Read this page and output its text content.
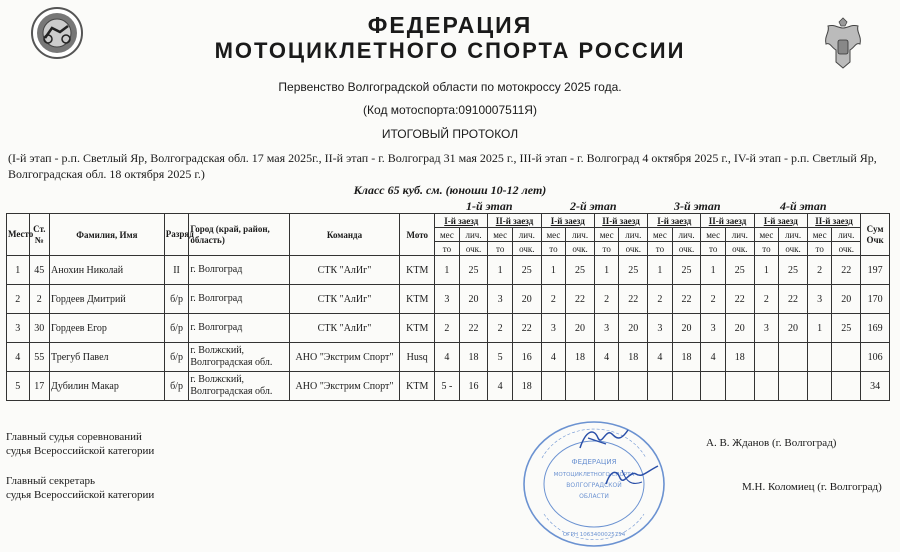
ФЕДЕРАЦИЯ
МОТОЦИКЛЕТНОГО СПОРТА РОССИИ
Первенство Волгоградской области по мотокроссу 2025 года.
(Код мотоспорта:0910007511Я)
ИТОГОВЫЙ ПРОТОКОЛ
(I-й этап - р.п. Светлый Яр, Волгоградская обл. 17 мая 2025г., II-й этап - г. Волгоград 31 мая 2025 г., III-й этап - г. Волгоград 4 октября 2025 г., IV-й этап - р.п. Светлый Яр, Волгоградская обл. 18 октября 2025 г.)
Класс 65 куб. см. (юноши 10-12 лет)
1-й этап	2-й этап	3-й этап	4-й этап
Место	Ст. №	Фамилия, Имя	Разряд	Город (край, район, область)	Команда	Мото	I-й заезд		II-й заезд		I-й заезд		II-й заезд		I-й заезд		II-й заезд		I-й заезд		II-й заезд		Сум Очк
							мес	лич.	мес	лич.	мес	лич.	мес	лич.	мес	лич.	мес	лич.	мес	лич.	мес	лич.	
							то	очк.	то	очк.	то	очк.	то	очк.	то	очк.	то	очк.	то	очк.	то	очк.	
1	45	Анохин Николай	II	г. Волгоград	СТК "АлИг"	KTM	1	25	1	25	1	25	1	25	1	25	1	25	1	25	2	22	197
2	2	Гордеев Дмитрий	б/р	г. Волгоград	СТК "АлИг"	KTM	3	20	3	20	2	22	2	22	2	22	2	22	2	22	3	20	170
3	30	Гордеев Егор	б/р	г. Волгоград	СТК "АлИг"	KTM	2	22	2	22	3	20	3	20	3	20	3	20	3	20	1	25	169
4	55	Трегуб Павел	б/р	г. Волжский, Волгоградская обл.	АНО "Экстрим Спорт"	Husq	4	18	5	16	4	18	4	18	4	18	4	18					106
5	17	Дубилин Макар	б/р	г. Волжский, Волгоградская обл.	АНО "Экстрим Спорт"	KTM	5 -	16	4	18													34
Главный судья соревнований
судья Всероссийской категории
А. В. Жданов (г. Волгоград)
Главный секретарь
судья Всероссийской категории
М.Н. Коломиец (г. Волгоград)
ФЕДЕРАЦИЯ
МОТОЦИКЛЕТНОГО СПОРТА
ВОЛГОГРАДСКОЙ
ОБЛАСТИ
ОГРН 1063400025754
